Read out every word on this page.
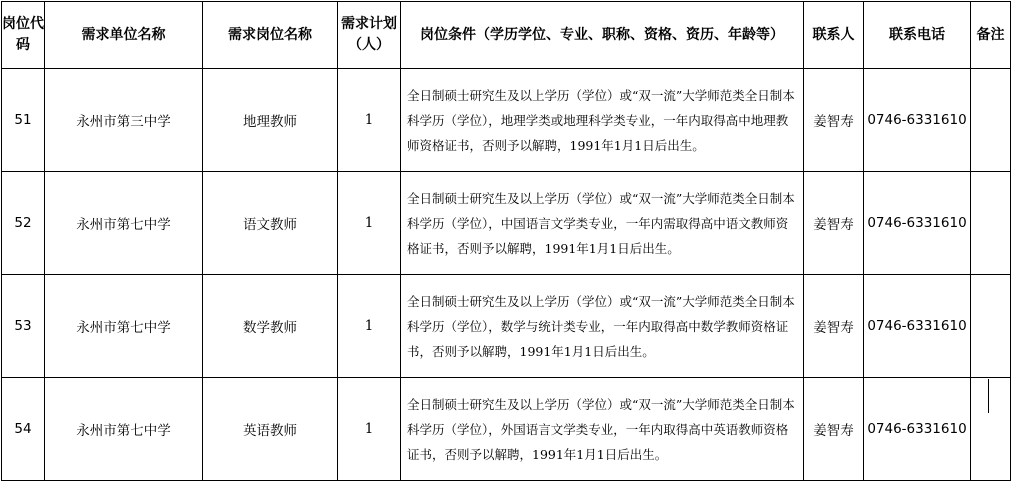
岗位代码	需求单位名称	需求岗位名称	需求计划（人）	岗位条件（学历学位、专业、职称、资格、资历、年龄等）	联系人	联系电话	备注
51	永州市第三中学	地理教师	1	全日制硕士研究生及以上学历（学位）或“双一流”大学师范类全日制本科学历（学位），地理学类或地理科学类专业，一年内取得高中地理教师资格证书，否则予以解聘，1991年1月1日后出生。	姜智寿	0746-6331610	
52	永州市第七中学	语文教师	1	全日制硕士研究生及以上学历（学位）或“双一流”大学师范类全日制本科学历（学位），中国语言文学类专业，一年内需取得高中语文教师资格证书，否则予以解聘，1991年1月1日后出生。	姜智寿	0746-6331610	
53	永州市第七中学	数学教师	1	全日制硕士研究生及以上学历（学位）或“双一流”大学师范类全日制本科学历（学位），数学与统计类专业，一年内取得高中数学教师资格证书，否则予以解聘，1991年1月1日后出生。	姜智寿	0746-6331610	
54	永州市第七中学	英语教师	1	全日制硕士研究生及以上学历（学位）或“双一流”大学师范类全日制本科学历（学位），外国语言文学类专业，一年内取得高中英语教师资格证书，否则予以解聘，1991年1月1日后出生。	姜智寿	0746-6331610	
